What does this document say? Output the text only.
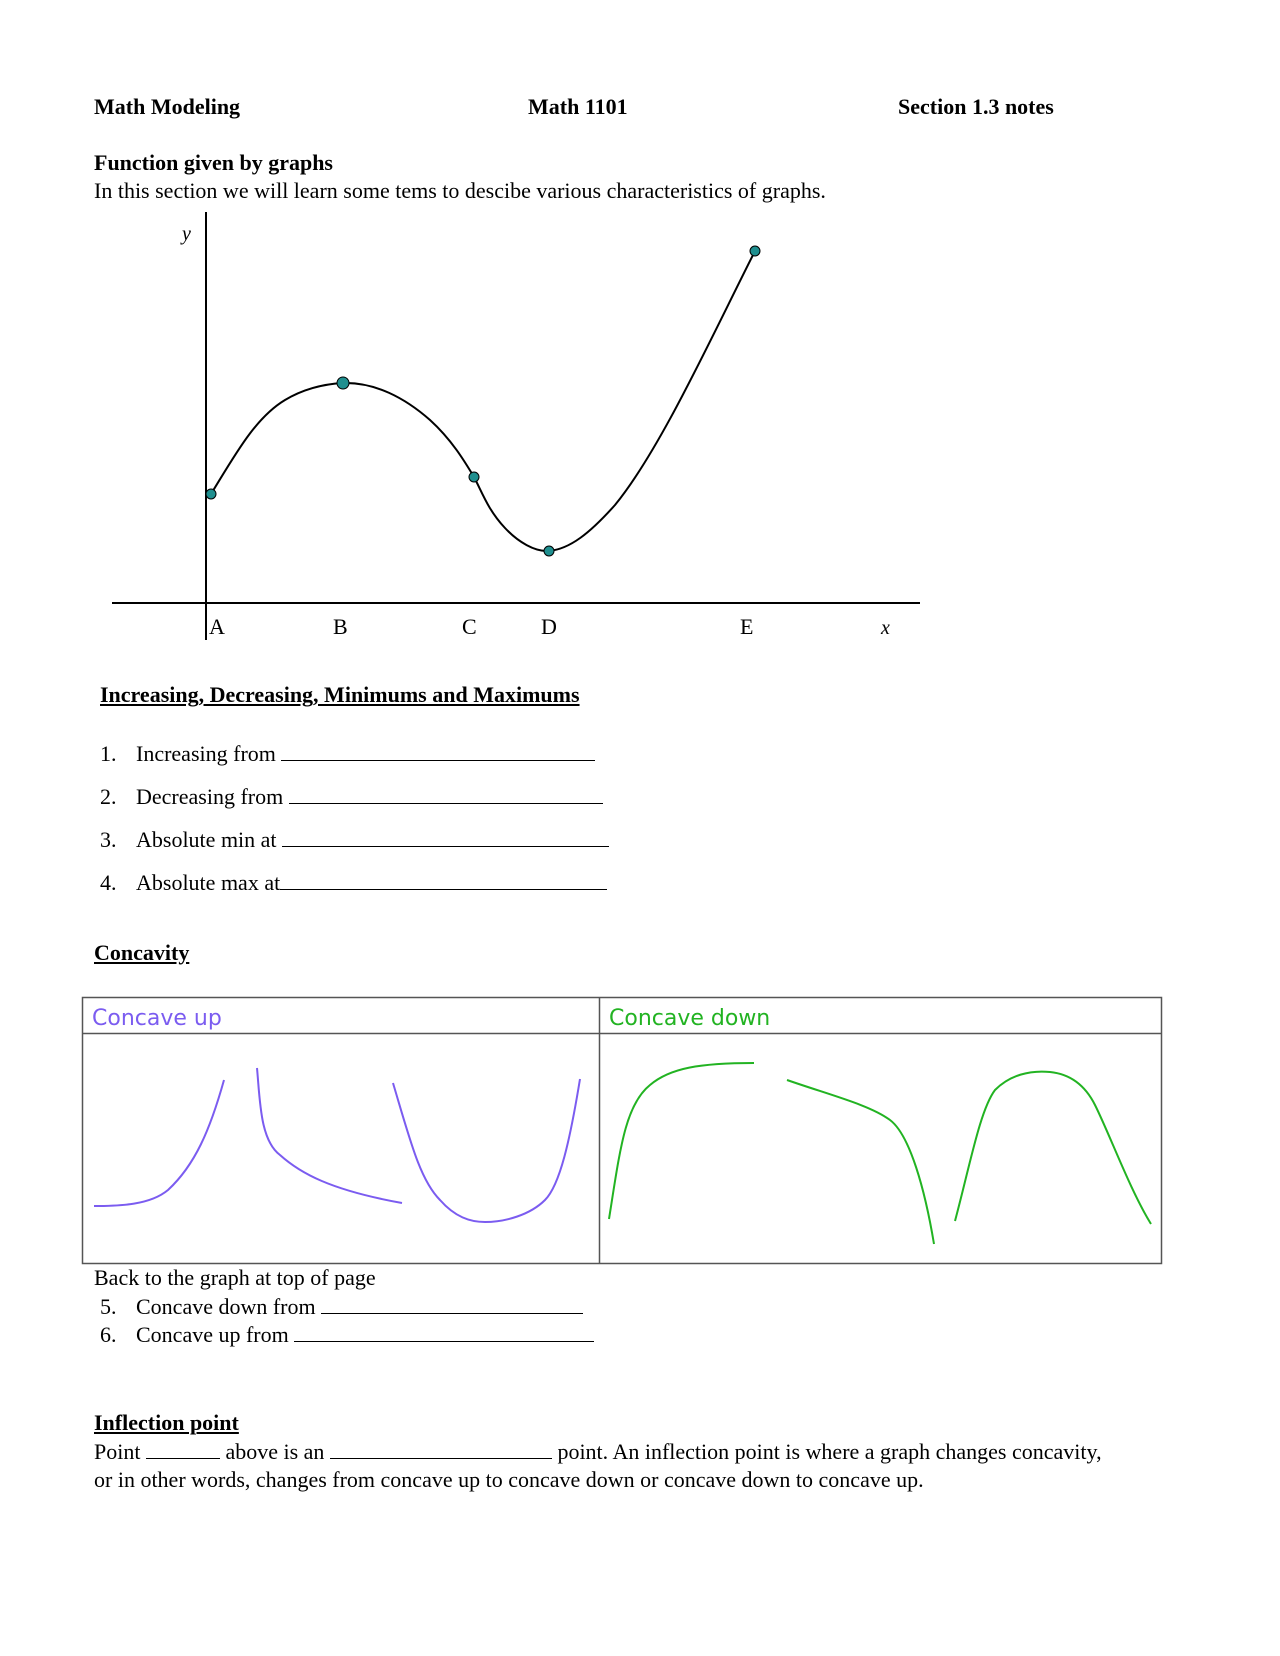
Math Modeling	Math 1101	Section 1.3 notes
Function given by graphs
In this section we will learn some tems to descibe various characteristics of graphs.
y
A	B	C	D	E	x
Increasing, Decreasing, Minimums and Maximums
1. Increasing from
2. Decreasing from
3. Absolute min at
4. Absolute max at
Concavity
Concave up	Concave down
Back to the graph at top of page
5. Concave down from
6. Concave up from
Inflection point
Point	above is an	point. An inflection point is where a graph changes concavity,
or in other words, changes from concave up to concave down or concave down to concave up.
